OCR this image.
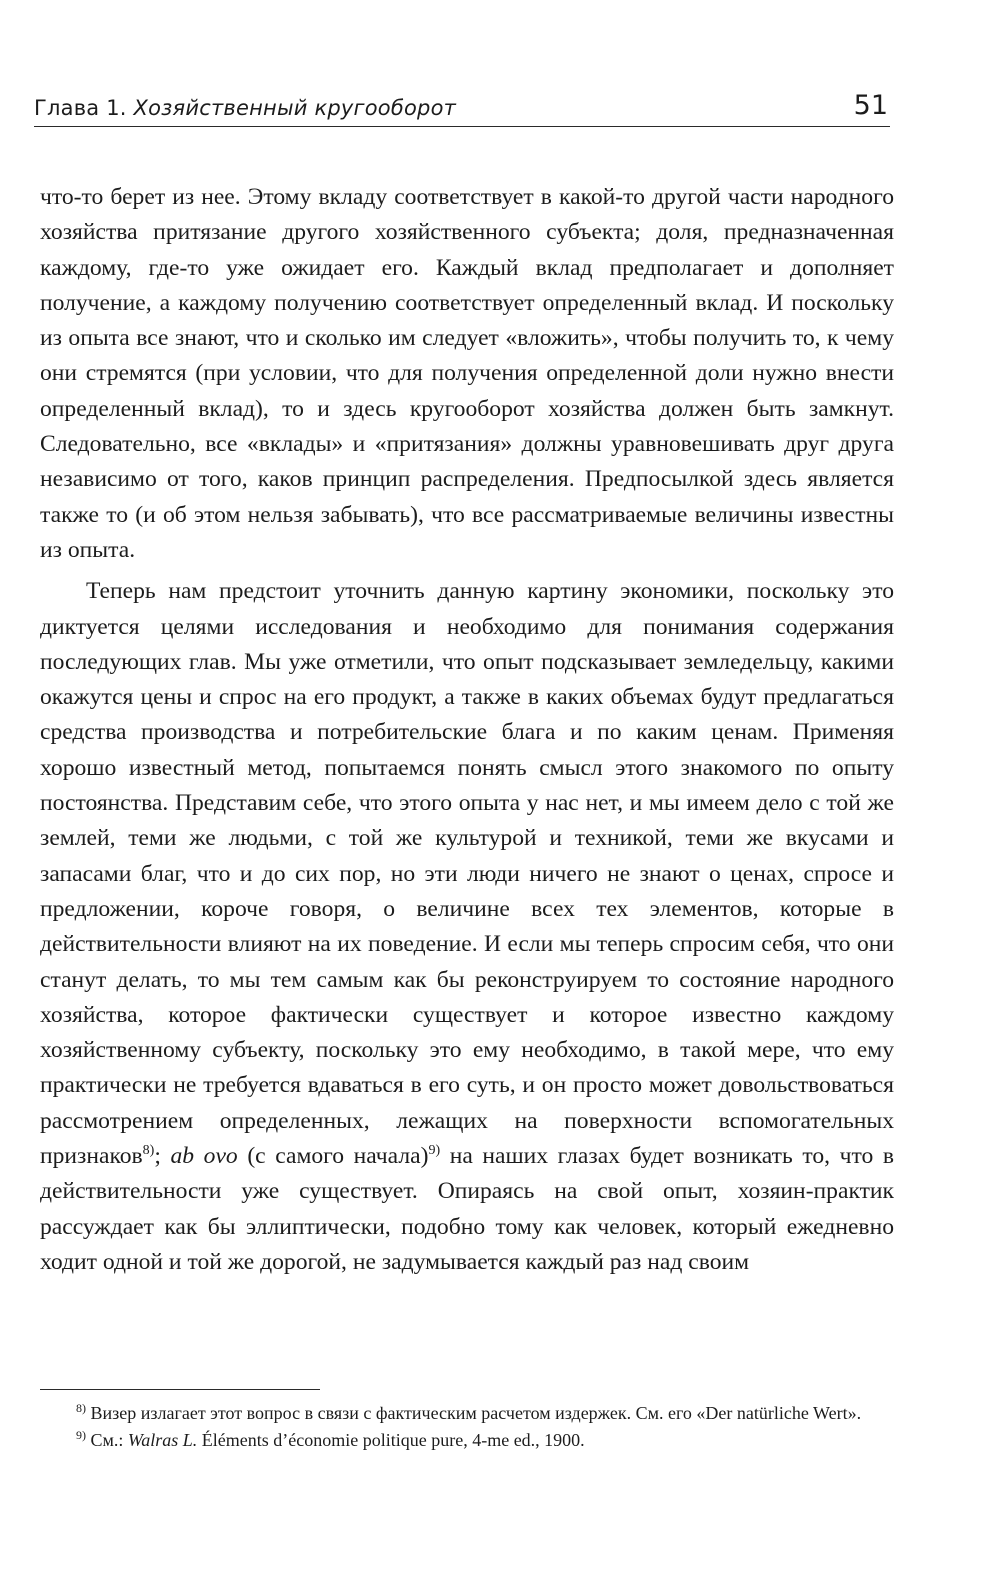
Глава 1. Хозяйственный кругооборот	51

что-то берет из нее. Этому вкладу соответствует в какой-то другой части народного хозяйства притязание другого хозяйственного субъекта; доля, предназначенная каждому, где-то уже ожидает его. Каждый вклад предполагает и дополняет получение, а каждому получению соответствует определенный вклад. И поскольку из опыта все знают, что и сколько им следует «вложить», чтобы получить то, к чему они стремятся (при условии, что для получения определенной доли нужно внести определенный вклад), то и здесь кругооборот хозяйства должен быть замкнут. Следовательно, все «вклады» и «притязания» должны уравновешивать друг друга независимо от того, каков принцип распределения. Предпосылкой здесь является также то (и об этом нельзя забывать), что все рассматриваемые величины известны из опыта.

Теперь нам предстоит уточнить данную картину экономики, поскольку это диктуется целями исследования и необходимо для понимания содержания последующих глав. Мы уже отметили, что опыт подсказывает земледельцу, какими окажутся цены и спрос на его продукт, а также в каких объемах будут предлагаться средства производства и потребительские блага и по каким ценам. Применяя хорошо известный метод, попытаемся понять смысл этого знакомого по опыту постоянства. Представим себе, что этого опыта у нас нет, и мы имеем дело с той же землей, теми же людьми, с той же культурой и техникой, теми же вкусами и запасами благ, что и до сих пор, но эти люди ничего не знают о ценах, спросе и предложении, короче говоря, о величине всех тех элементов, которые в действительности влияют на их поведение. И если мы теперь спросим себя, что они станут делать, то мы тем самым как бы реконструируем то состояние народного хозяйства, которое фактически существует и которое известно каждому хозяйственному субъекту, поскольку это ему необходимо, в такой мере, что ему практически не требуется вдаваться в его суть, и он просто может довольствоваться рассмотрением определенных, лежащих на поверхности вспомогательных признаков$^{8)}$; ab ovo (с самого начала)$^{9)}$ на наших глазах будет возникать то, что в действительности уже существует. Опираясь на свой опыт, хозяин-практик рассуждает как бы эллиптически, подобно тому как человек, который ежедневно ходит одной и той же дорогой, не задумывается каждый раз над своим

$^{8)}$ Визер излагает этот вопрос в связи с фактическим расчетом издержек. См. его «Der natürliche Wert».

$^{9)}$ См.: Walras L. Éléments d’économie politique pure, 4-me ed., 1900.
